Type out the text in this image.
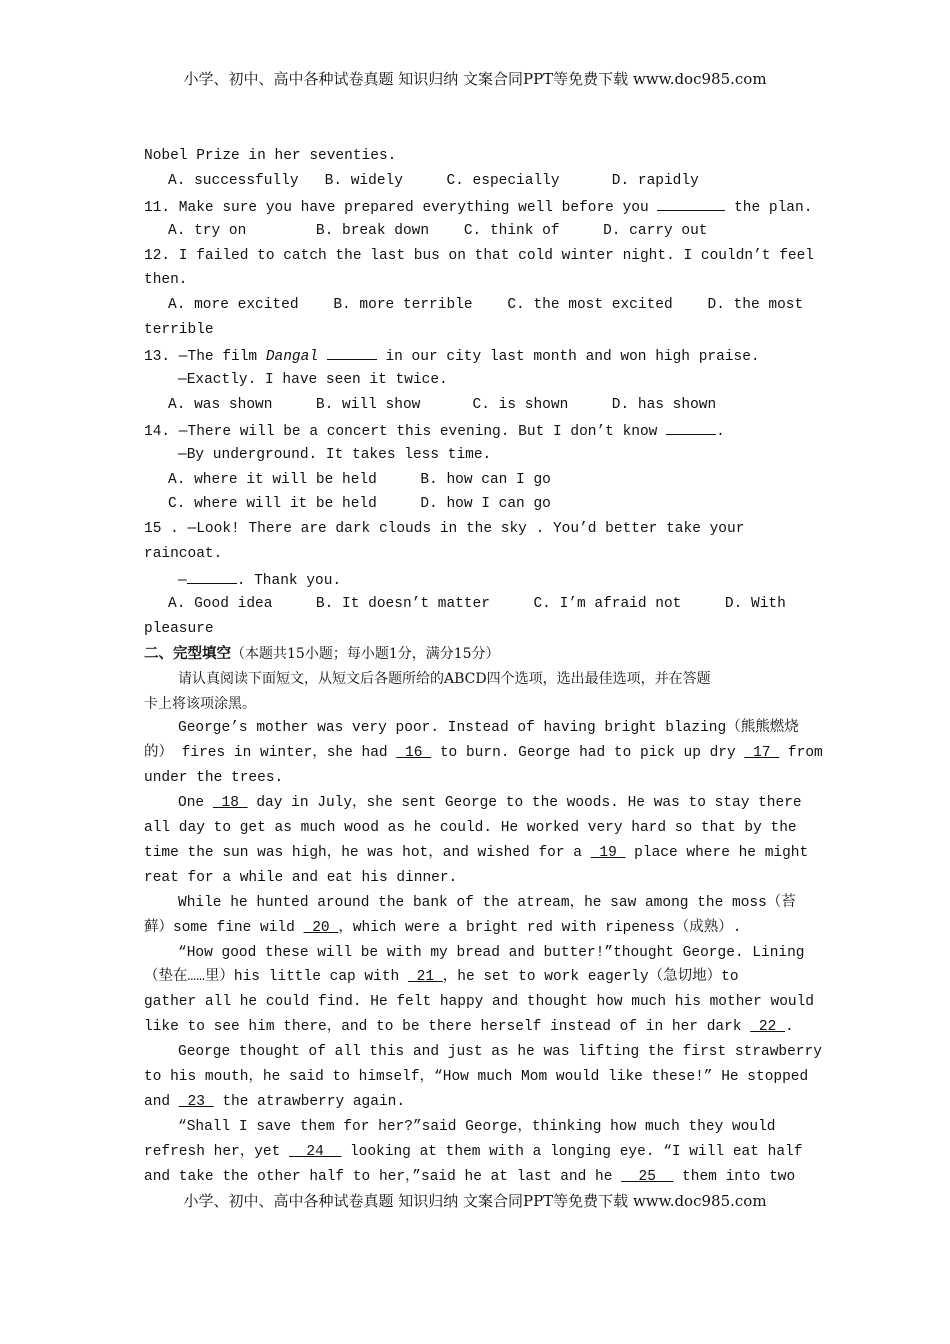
小学、初中、高中各种试卷真题 知识归纳 文案合同PPT等免费下载 www.doc985.com
Nobel Prize in her seventies.
A. successfully   B. widely     C. especially      D. rapidly
11. Make sure you have prepared everything well before you	the plan.
A. try on        B. break down    C. think of     D. carry out
12. I failed to catch the last bus on that cold winter night. I couldn’t feel
then.
A. more excited    B. more terrible    C. the most excited    D. the most
terrible
13. —The film Dangal	in our city last month and won high praise.
—Exactly. I have seen it twice.
A. was shown     B. will show      C. is shown     D. has shown
14. —There will be a concert this evening. But I don’t know	.
—By underground. It takes less time.
A. where it will be held     B. how can I go
C. where will it be held     D. how I can go
15 . —Look! There are dark clouds in the sky . You’d better take your
raincoat.
—	. Thank you.
A. Good idea     B. It doesn’t matter     C. I’m afraid not     D. With
pleasure
二、完型填空（本题共15小题；每小题1分，满分15分）
请认真阅读下面短文，从短文后各题所给的ABCD四个选项，选出最佳选项，并在答题
卡上将该项涂黑。
George’s mother was very poor. Instead of having bright blazing（熊熊燃烧
的） fires in winter，she had  16  to burn. George had to pick up dry  17  from
under the trees.
One  18  day in July，she sent George to the woods. He was to stay there
all day to get as much wood as he could. He worked very hard so that by the
time the sun was high，he was hot，and wished for a  19  place where he might
reat for a while and eat his dinner.
While he hunted around the bank of the atream，he saw among the moss（苔
藓）some fine wild  20 ，which were a bright red with ripeness（成熟）.
“How good these will be with my bread and butter!”thought George. Lining
（垫在……里）his little cap with  21 ，he set to work eagerly（急切地）to
gather all he could find. He felt happy and thought how much his mother would
like to see him there，and to be there herself instead of in her dark  22 .
George thought of all this and just as he was lifting the first strawberry
to his mouth，he said to himself，“How much Mom would like these!” He stopped
and  23  the atrawberry again.
“Shall I save them for her?”said George，thinking how much they would
refresh her，yet   24   looking at them with a longing eye. “I will eat half
and take the other half to her，”said he at last and he   25   them into two
小学、初中、高中各种试卷真题 知识归纳 文案合同PPT等免费下载 www.doc985.com
